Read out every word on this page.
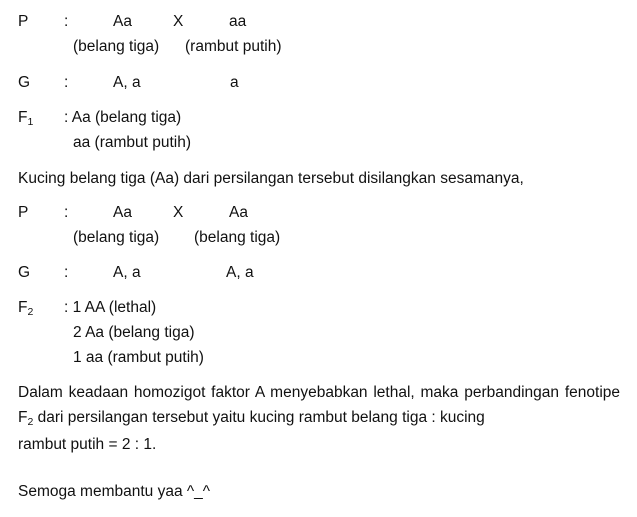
P :	Aa	X	aa
(belang tiga) (rambut putih)
G :	A, a	a
F1 : Aa (belang tiga)
aa (rambut putih)
Kucing belang tiga (Aa) dari persilangan tersebut disilangkan sesamanya,
P :	Aa	X	Aa
(belang tiga) (belang tiga)
G :	A, a	A, a
F2 : 1 AA (lethal)
2 Aa (belang tiga)
1 aa (rambut putih)
Dalam keadaan homozigot faktor A menyebabkan lethal, maka perbandingan fenotipe F2 dari persilangan tersebut yaitu kucing rambut belang tiga : kucing
rambut putih = 2 : 1.
Semoga membantu yaa ^_^
